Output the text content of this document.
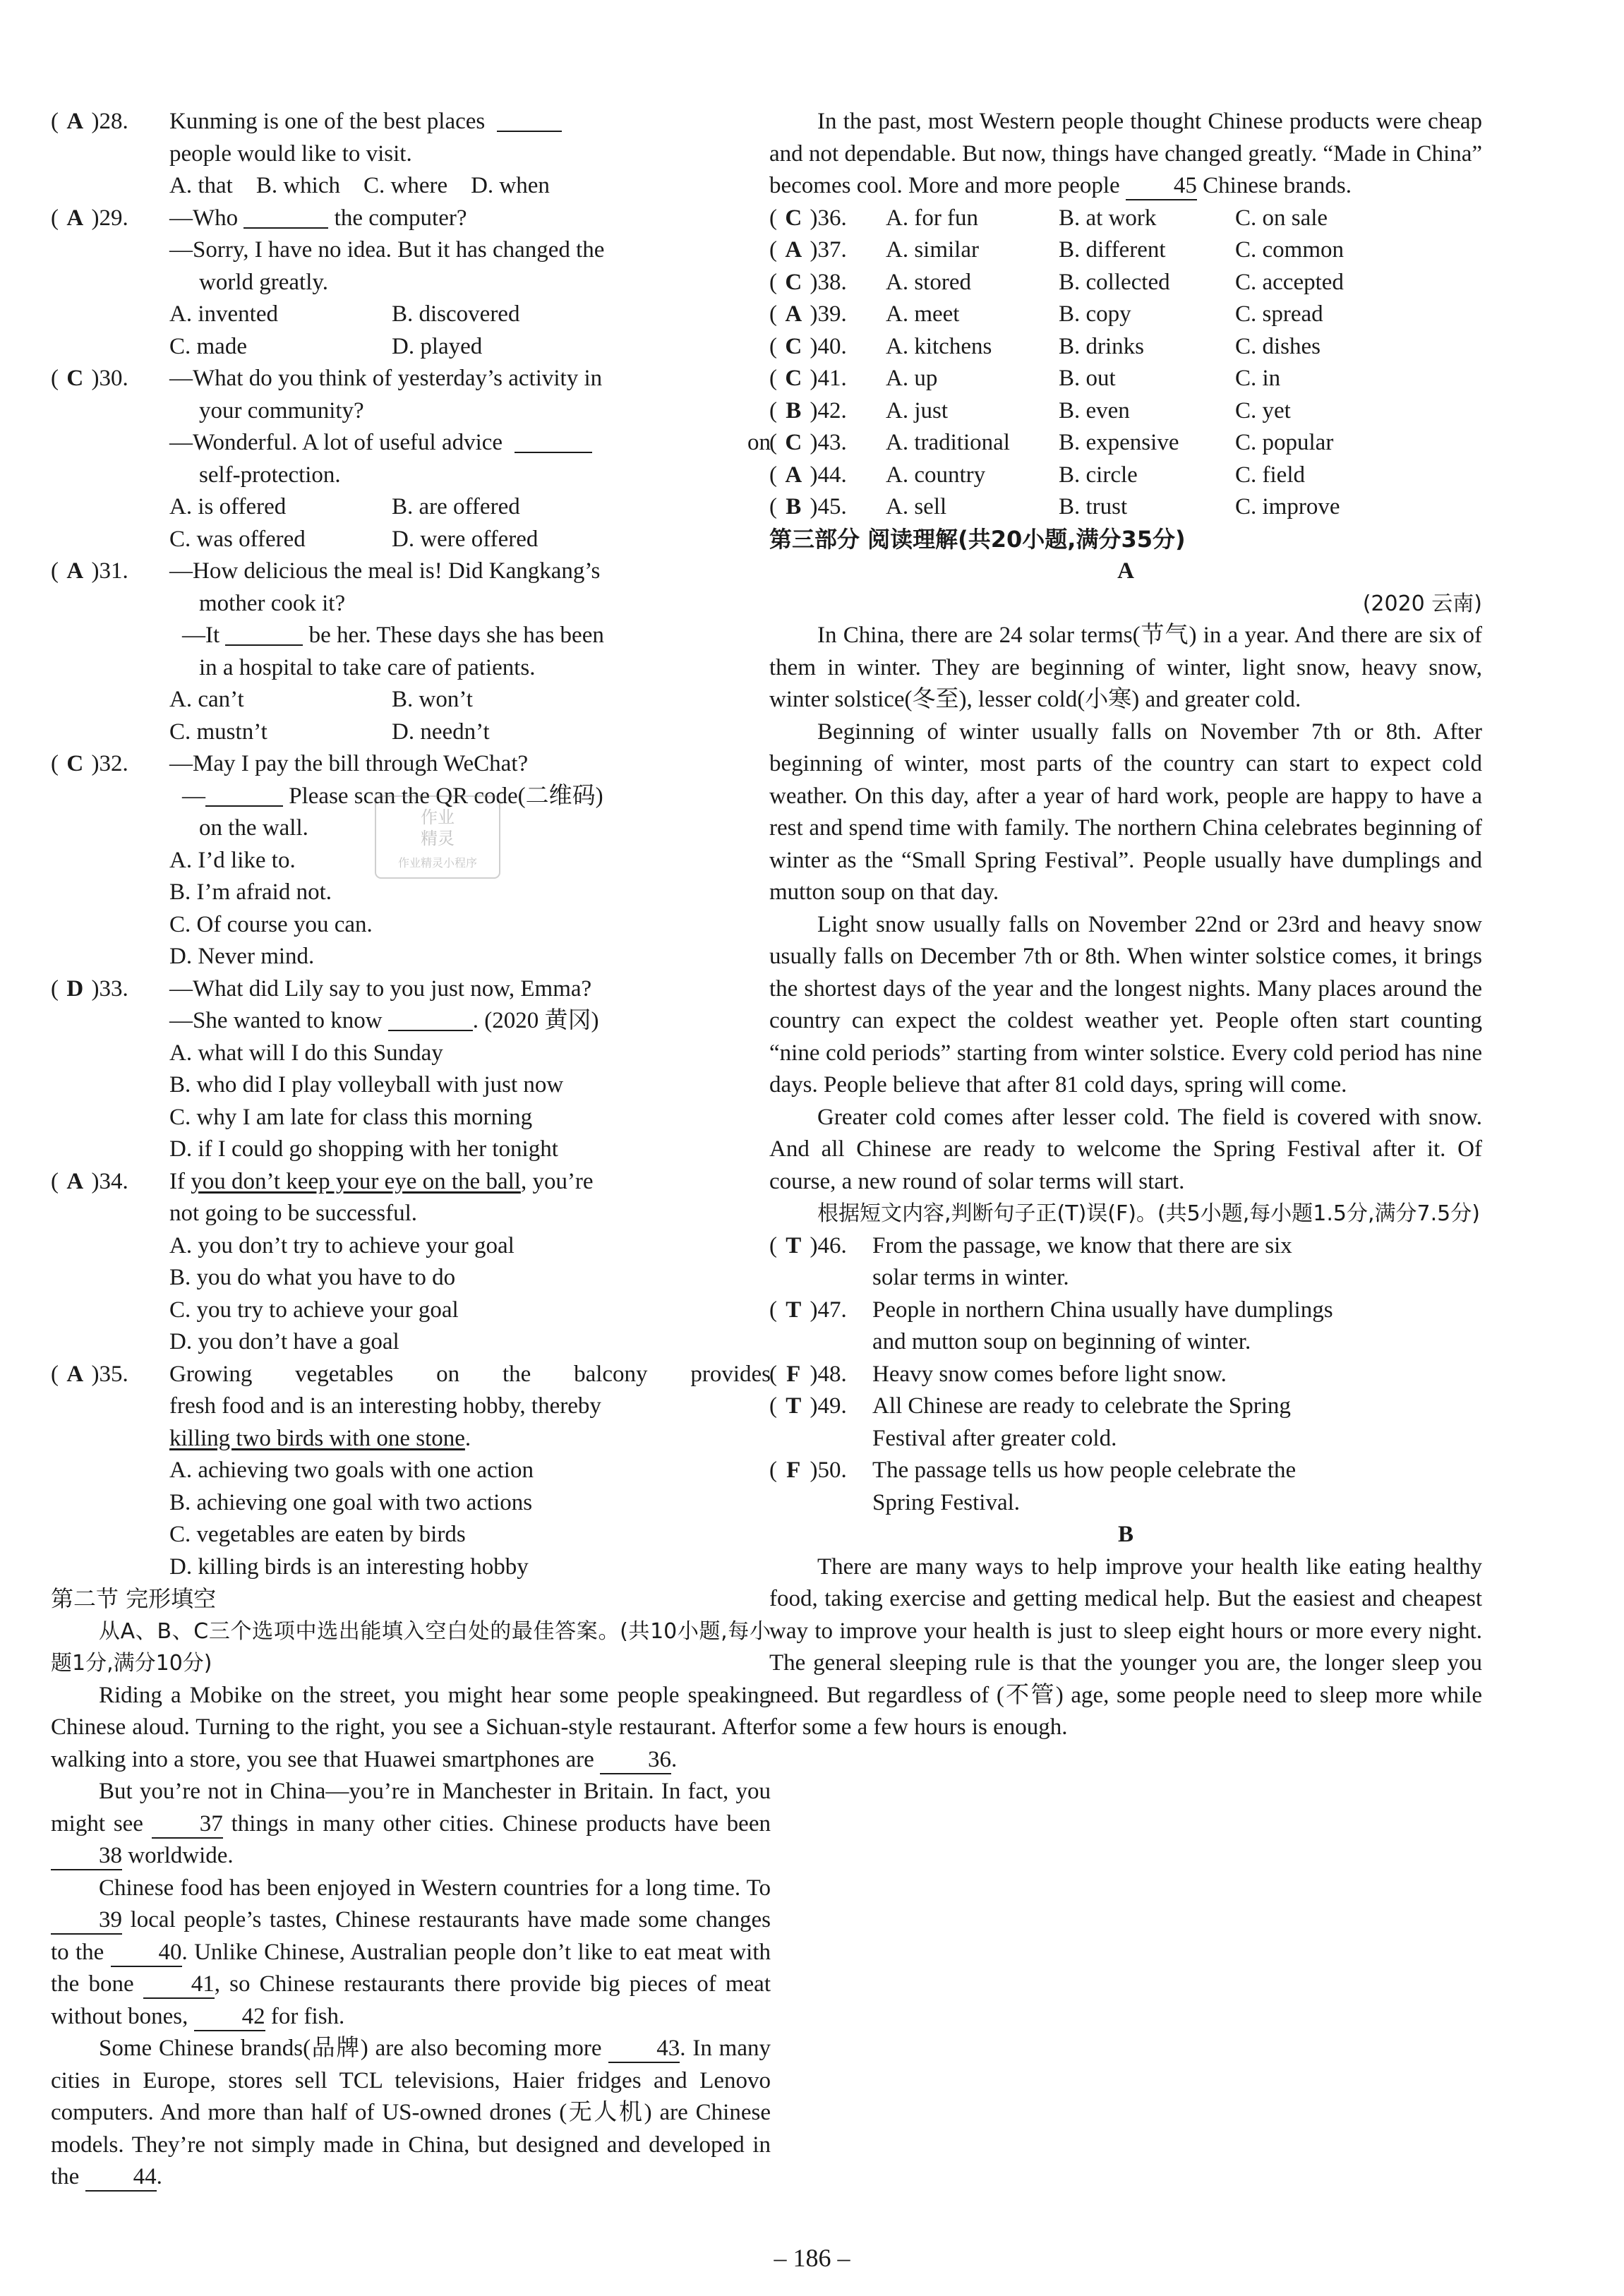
( A )28. Kunming is one of the best places
people would like to visit.
A. that    B. which    C. where    D. when
( A )29. —Who	the computer?
—Sorry, I have no idea. But it has changed the
world greatly.
A. invented	B. discovered
C. made	D. played
( C )30. —What do you think of yesterday’s activity in
your community?
—Wonderful. A lot of useful advice	on
self-protection.
A. is offered	B. are offered
C. was offered	D. were offered
( A )31. —How delicious the meal is! Did Kangkang’s
mother cook it?
—It	be her. These days she has been
in a hospital to take care of patients.
A. can’t	B. won’t
C. mustn’t	D. needn’t
( C )32. —May I pay the bill through WeChat?
—	Please scan the QR code(二维码)
on the wall.
A. I’d like to.
B. I’m afraid not.
C. Of course you can.
D. Never mind.
( D )33. —What did Lily say to you just now, Emma?
—She wanted to know	. (2020 黄冈)
A. what will I do this Sunday
B. who did I play volleyball with just now
C. why I am late for class this morning
D. if I could go shopping with her tonight
( A )34. If you don’t keep your eye on the ball, you’re
not going to be successful.
A. you don’t try to achieve your goal
B. you do what you have to do
C. you try to achieve your goal
D. you don’t have a goal
( A )35. Growing vegetables on the balcony provides
fresh food and is an interesting hobby, thereby
killing two birds with one stone.
A. achieving two goals with one action
B. achieving one goal with two actions
C. vegetables are eaten by birds
D. killing birds is an interesting hobby
第二节 完形填空
从A、B、C三个选项中选出能填入空白处的最佳答案。(共10小题,每小题1分,满分10分)
Riding a Mobike on the street, you might hear some people speaking Chinese aloud. Turning to the right, you see a Sichuan-style restaurant. After walking into a store, you see that Huawei smartphones are 36.
But you’re not in China—you’re in Manchester in Britain. In fact, you might see 37 things in many other cities. Chinese products have been 38 worldwide.
Chinese food has been enjoyed in Western countries for a long time. To 39 local people’s tastes, Chinese restaurants have made some changes to the 40. Unlike Chinese, Australian people don’t like to eat meat with the bone 41, so Chinese restaurants there provide big pieces of meat without bones, 42 for fish.
Some Chinese brands(品牌) are also becoming more 43. In many cities in Europe, stores sell TCL televisions, Haier fridges and Lenovo computers. And more than half of US-owned drones (无人机) are Chinese models. They’re not simply made in China, but designed and developed in the 44.
In the past, most Western people thought Chinese products were cheap and not dependable. But now, things have changed greatly. “Made in China” becomes cool. More and more people 45 Chinese brands.
( C )36.	A. for fun	B. at work	C. on sale
( A )37.	A. similar	B. different	C. common
( C )38.	A. stored	B. collected	C. accepted
( A )39.	A. meet	B. copy	C. spread
( C )40.	A. kitchens	B. drinks	C. dishes
( C )41.	A. up	B. out	C. in
( B )42.	A. just	B. even	C. yet
( C )43.	A. traditional	B. expensive	C. popular
( A )44.	A. country	B. circle	C. field
( B )45.	A. sell	B. trust	C. improve
第三部分 阅读理解(共20小题,满分35分)
A
(2020 云南)
In China, there are 24 solar terms(节气) in a year. And there are six of them in winter. They are beginning of winter, light snow, heavy snow, winter solstice(冬至), lesser cold(小寒) and greater cold.
Beginning of winter usually falls on November 7th or 8th. After beginning of winter, most parts of the country can start to expect cold weather. On this day, after a year of hard work, people are happy to have a rest and spend time with family. The northern China celebrates beginning of winter as the “Small Spring Festival”. People usually have dumplings and mutton soup on that day.
Light snow usually falls on November 22nd or 23rd and heavy snow usually falls on December 7th or 8th. When winter solstice comes, it brings the shortest days of the year and the longest nights. Many places around the country can expect the coldest weather yet. People often start counting “nine cold periods” starting from winter solstice. Every cold period has nine days. People believe that after 81 cold days, spring will come.
Greater cold comes after lesser cold. The field is covered with snow. And all Chinese are ready to welcome the Spring Festival after it. Of course, a new round of solar terms will start.
根据短文内容,判断句子正(T)误(F)。(共5小题,每小题1.5分,满分7.5分)
( T )46. From the passage, we know that there are six
solar terms in winter.
( T )47. People in northern China usually have dumplings
and mutton soup on beginning of winter.
( F )48. Heavy snow comes before light snow.
( T )49. All Chinese are ready to celebrate the Spring
Festival after greater cold.
( F )50. The passage tells us how people celebrate the
Spring Festival.
B
There are many ways to help improve your health like eating healthy food, taking exercise and getting medical help. But the easiest and cheapest way to improve your health is just to sleep eight hours or more every night. The general sleeping rule is that the younger you are, the longer sleep you need. But regardless of (不管) age, some people need to sleep more while for some a few hours is enough.
作业
精灵
作业精灵小程序
– 186 –
